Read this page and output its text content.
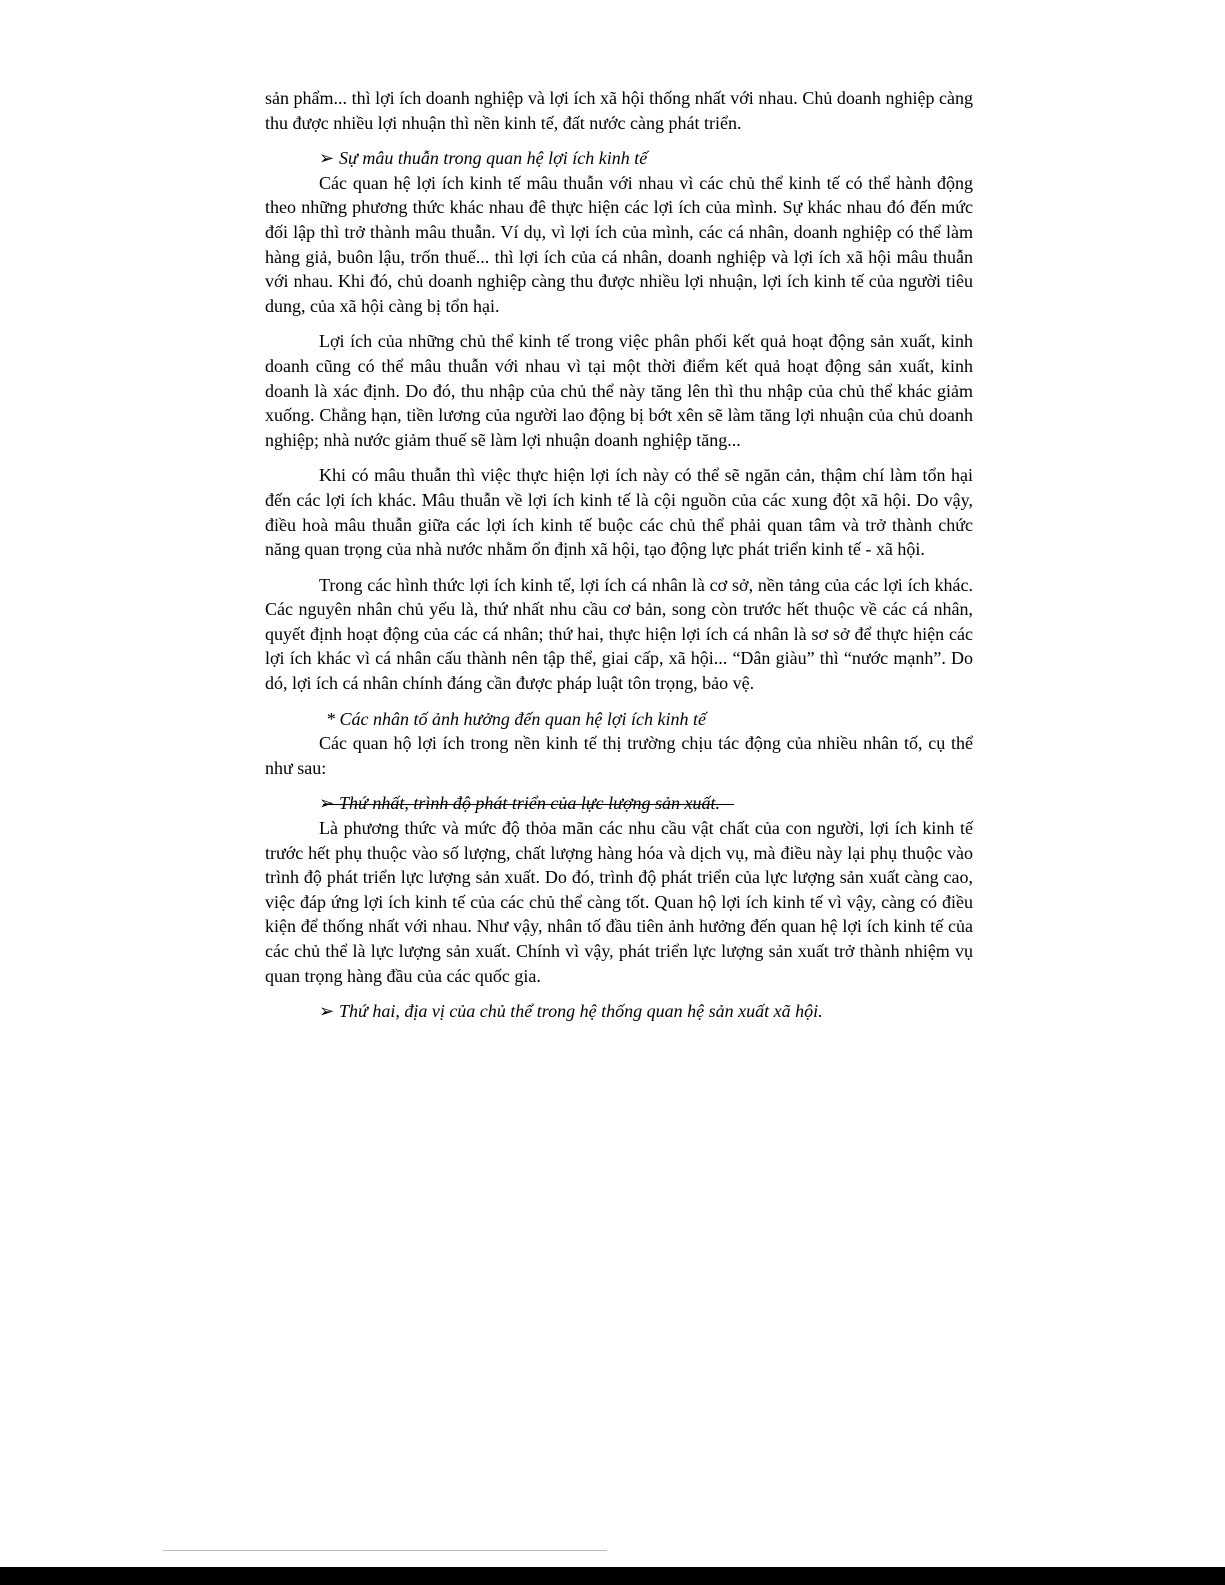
sản phẩm... thì lợi ích doanh nghiệp và lợi ích xã hội thống nhất với nhau. Chủ doanh nghiệp càng thu được nhiều lợi nhuận thì nền kinh tế, đất nước càng phát triển.

➢ Sự mâu thuẫn trong quan hệ lợi ích kinh tế

Các quan hệ lợi ích kinh tế mâu thuẫn với nhau vì các chủ thể kinh tế có thể hành động theo những phương thức khác nhau đê thực hiện các lợi ích của mình. Sự khác nhau đó đến mức đối lập thì trở thành mâu thuẫn. Ví dụ, vì lợi ích của mình, các cá nhân, doanh nghiệp có thể làm hàng giả, buôn lậu, trốn thuế... thì lợi ích của cá nhân, doanh nghiệp và lợi ích xã hội mâu thuẫn với nhau. Khi đó, chủ doanh nghiệp càng thu được nhiều lợi nhuận, lợi ích kinh tế của người tiêu dung, của xã hội càng bị tổn hại.

Lợi ích của những chủ thể kinh tế trong việc phân phối kết quả hoạt động sản xuất, kinh doanh cũng có thể mâu thuẫn với nhau vì tại một thời điểm kết quả hoạt động sản xuất, kinh doanh là xác định. Do đó, thu nhập của chủ thể này tăng lên thì thu nhập của chủ thể khác giảm xuống. Chẳng hạn, tiền lương của người lao động bị bớt xên sẽ làm tăng lợi nhuận của chủ doanh nghiệp; nhà nước giảm thuế sẽ làm lợi nhuận doanh nghiệp tăng...

Khi có mâu thuẫn thì việc thực hiện lợi ích này có thể sẽ ngăn cản, thậm chí làm tổn hại đến các lợi ích khác. Mâu thuẫn về lợi ích kinh tế là cội nguồn của các xung đột xã hội. Do vậy, điều hoà mâu thuẫn giữa các lợi ích kinh tế buộc các chủ thể phải quan tâm và trở thành chức năng quan trọng của nhà nước nhằm ổn định xã hội, tạo động lực phát triển kinh tế - xã hội.

Trong các hình thức lợi ích kinh tế, lợi ích cá nhân là cơ sở, nền tảng của các lợi ích khác. Các nguyên nhân chủ yếu là, thứ nhất nhu cầu cơ bản, song còn trước hết thuộc về các cá nhân, quyết định hoạt động của các cá nhân; thứ hai, thực hiện lợi ích cá nhân là sơ sở để thực hiện các lợi ích khác vì cá nhân cấu thành nên tập thể, giai cấp, xã hội... “Dân giàu” thì “nước mạnh”. Do dó, lợi ích cá nhân chính đáng cần được pháp luật tôn trọng, bảo vệ.

* Các nhân tố ảnh hưởng đến quan hệ lợi ích kinh tế

Các quan hộ lợi ích trong nền kinh tế thị trường chịu tác động của nhiều nhân tố, cụ thể như sau:

➢ Thứ nhất, trình độ phát triển của lực lượng sản xuất.

Là phương thức và mức độ thỏa mãn các nhu cầu vật chất của con người, lợi ích kinh tế trước hết phụ thuộc vào số lượng, chất lượng hàng hóa và dịch vụ, mà điều này lại phụ thuộc vào trình độ phát triển lực lượng sản xuất. Do đó, trình độ phát triển của lực lượng sản xuất càng cao, việc đáp ứng lợi ích kinh tế của các chủ thể càng tốt. Quan hộ lợi ích kinh tế vì vậy, càng có điều kiện để thống nhất với nhau. Như vậy, nhân tố đầu tiên ảnh hưởng đến quan hệ lợi ích kinh tế của các chủ thể là lực lượng sản xuất. Chính vì vậy, phát triển lực lượng sản xuất trở thành nhiệm vụ quan trọng hàng đầu của các quốc gia.

➢ Thứ hai, địa vị của chủ thể trong hệ thống quan hệ sản xuất xã hội.
